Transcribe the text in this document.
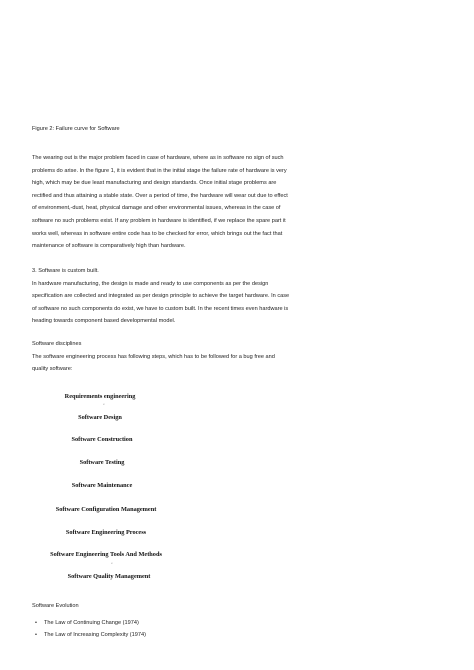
Figure 2: Failure curve for Software
The wearing out is the major problem faced in case of hardware, where as in software no sign of such
problems do arise. In the figure 1, it is evident that in the initial stage the failure rate of hardware is very
high, which may be due least manufacturing and design standards. Once initial stage problems are
rectified and thus attaining a stable state. Over a period of time, the hardware will wear out due to effect
of environment,-dust, heat, physical damage and other environmental issues, whereas in the case of
software no such problems exist. If any problem in hardware is identified, if we replace the spare part it
works well, whereas in software entire code has to be checked for error, which brings out the fact that
maintenance of software is comparatively high than hardware.
3. Software is custom built.
In hardware manufacturing, the design is made and ready to use components as per the design
specification are collected and integrated as per design principle to achieve the target hardware. In case
of software no such components do exist, we have to custom built. In the recent times even hardware is
heading towards component based developmental model.
Software disciplines
The software engineering process has following steps, which has to be followed for a bug free and
quality software:
Requirements engineering
ˇ
Software Design
Software Construction
Software Testing
Software Maintenance
Software Configuration Management
Software Engineering Process
Software Engineering Tools And Methods
ˇ
Software Quality Management
Software Evolution
• The Law of Continuing Change (1974)
• The Law of Increasing Complexity (1974)
